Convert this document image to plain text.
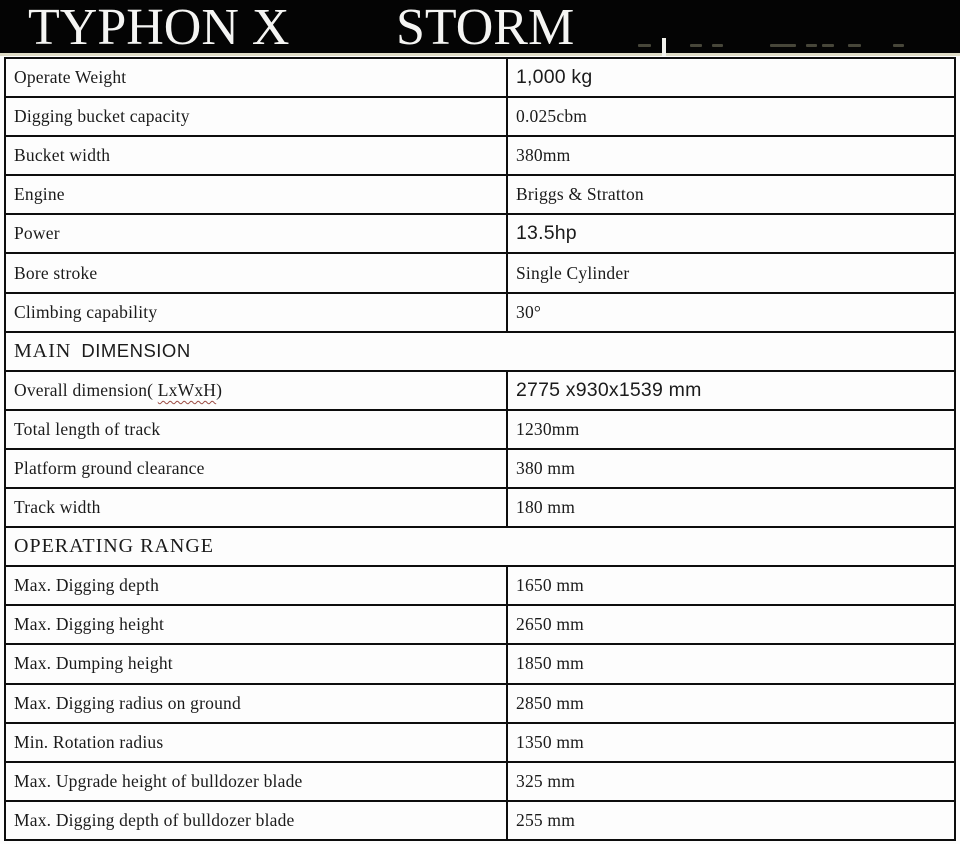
TYPHON X STORM
Operate Weight	1,000 kg
Digging bucket capacity	0.025cbm
Bucket width	380mm
Engine	Briggs & Stratton
Power	13.5hp
Bore stroke	Single Cylinder
Climbing capability	30°
MAIN DIMENSION
Overall dimension( LxWxH)	2775 x930x1539 mm
Total length of track	1230mm
Platform ground clearance	380 mm
Track width	180 mm
OPERATING RANGE
Max. Digging depth	1650 mm
Max. Digging height	2650 mm
Max. Dumping height	1850 mm
Max. Digging radius on ground	2850 mm
Min. Rotation radius	1350 mm
Max. Upgrade height of bulldozer blade	325 mm
Max. Digging depth of bulldozer blade	255 mm
